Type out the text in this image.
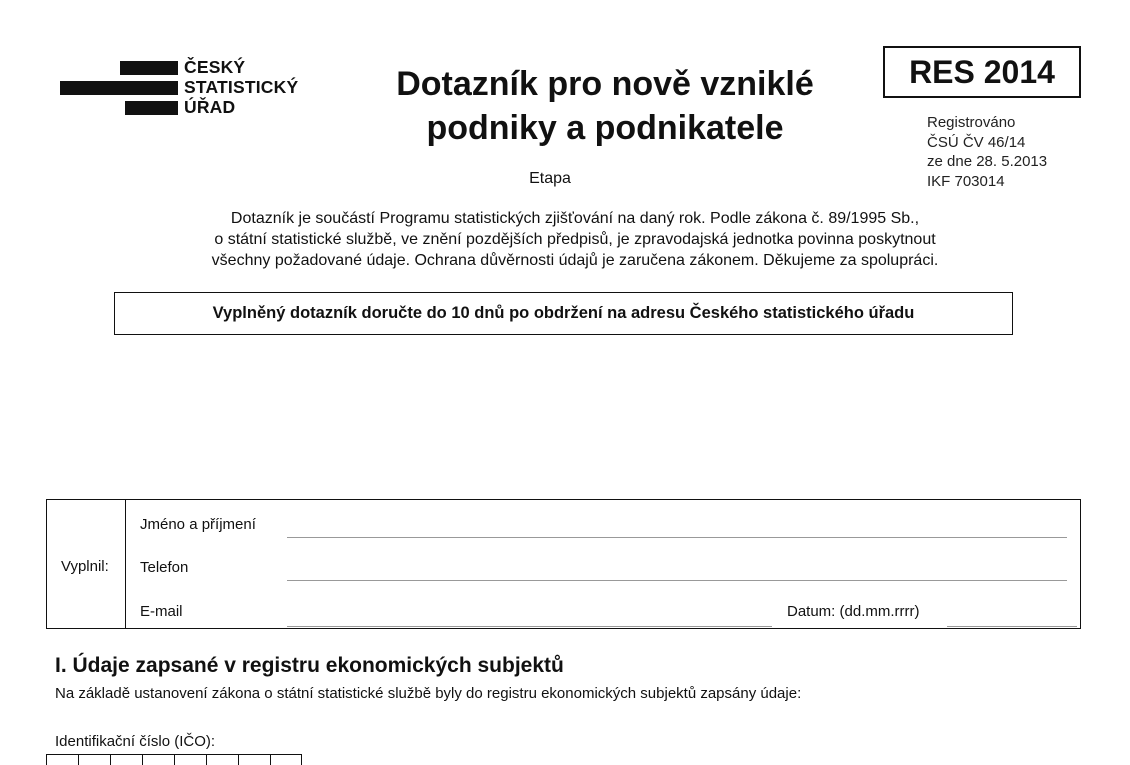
ČESKÝ
STATISTICKÝ
ÚŘAD
Dotazník pro nově vzniklé
podniky a podnikatele
RES 2014
Registrováno
ČSÚ ČV 46/14
ze dne 28. 5.2013
IKF 703014
Etapa
Dotazník je součástí Programu statistických zjišťování na daný rok. Podle zákona č. 89/1995 Sb.,
o státní statistické službě, ve znění pozdějších předpisů, je zpravodajská jednotka povinna poskytnout
všechny požadované údaje. Ochrana důvěrnosti údajů je zaručena zákonem. Děkujeme za spolupráci.
Vyplněný dotazník doručte do 10 dnů po obdržení na adresu Českého statistického úřadu
Vyplnil:
Jméno a příjmení
Telefon
E-mail	Datum: (dd.mm.rrrr)
I. Údaje zapsané v registru ekonomických subjektů
Na základě ustanovení zákona o státní statistické službě byly do registru ekonomických subjektů zapsány údaje:
Identifikační číslo (IČO):
